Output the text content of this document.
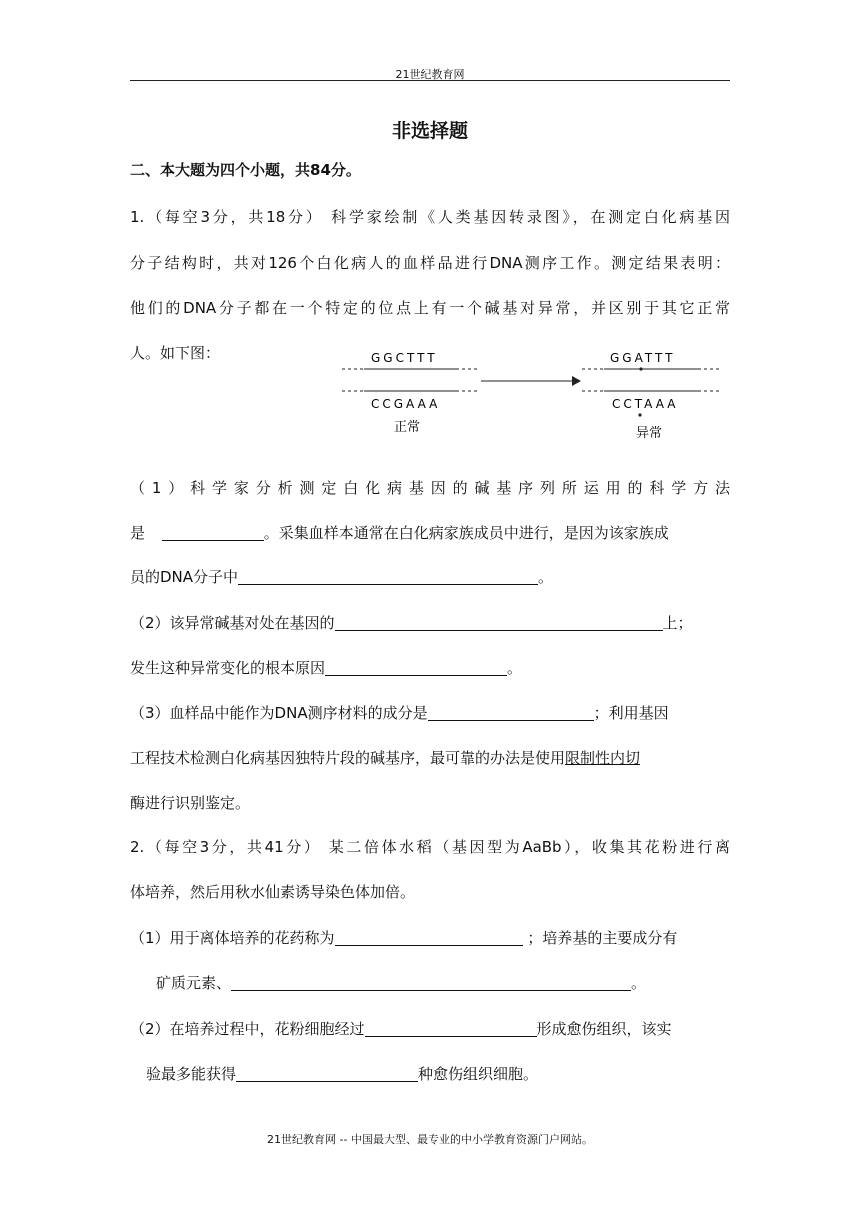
21世纪教育网
非选择题
二、本大题为四个小题，共84分。
1.（每空3分，共18分） 科学家绘制《人类基因转录图》，在测定白化病基因
分子结构时，共对126个白化病人的血样品进行DNA测序工作。测定结果表明：
他们的DNA分子都在一个特定的位点上有一个碱基对异常，并区别于其它正常
人。如下图：	GGCTTT
CCGAAA
正常
GGATTT
CCTAAA
异常
（1）科学家分析测定白化病基因的碱基序列所运用的科学方法
是	。采集血样本通常在白化病家族成员中进行，是因为该家族成
员的DNA分子中	。
（2）该异常碱基对处在基因的	上；
发生这种异常变化的根本原因	。
（3）血样品中能作为DNA测序材料的成分是	；利用基因
工程技术检测白化病基因独特片段的碱基序，最可靠的办法是使用限制性内切
酶进行识别鉴定。
2.（每空3分，共41分） 某二倍体水稻（基因型为AaBb），收集其花粉进行离
体培养，然后用秋水仙素诱导染色体加倍。
（1）用于离体培养的花药称为	；培养基的主要成分有
矿质元素、	。
（2）在培养过程中，花粉细胞经过	形成愈伤组织，该实
验最多能获得	种愈伤组织细胞。
21世纪教育网 -- 中国最大型、最专业的中小学教育资源门户网站。
